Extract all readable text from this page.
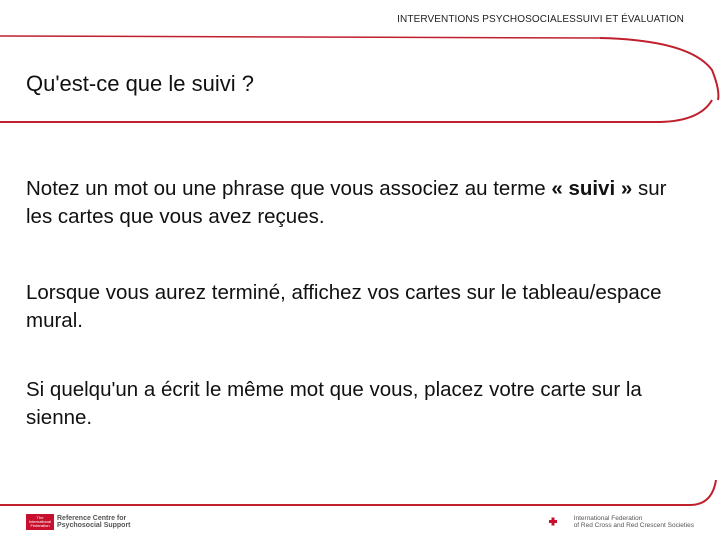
INTERVENTIONS PSYCHOSOCIALESSUIVI ET ÉVALUATION
Qu'est-ce que le suivi ?

Notez un mot ou une phrase que vous associez au terme « suivi » sur les cartes que vous avez reçues.

Lorsque vous aurez terminé, affichez vos cartes sur le tableau/espace mural.

Si quelqu'un a écrit le même mot que vous, placez votre carte sur la sienne.

The International Federation
Reference Centre for
Psychosocial Support
International Federation
of Red Cross and Red Crescent Societies
